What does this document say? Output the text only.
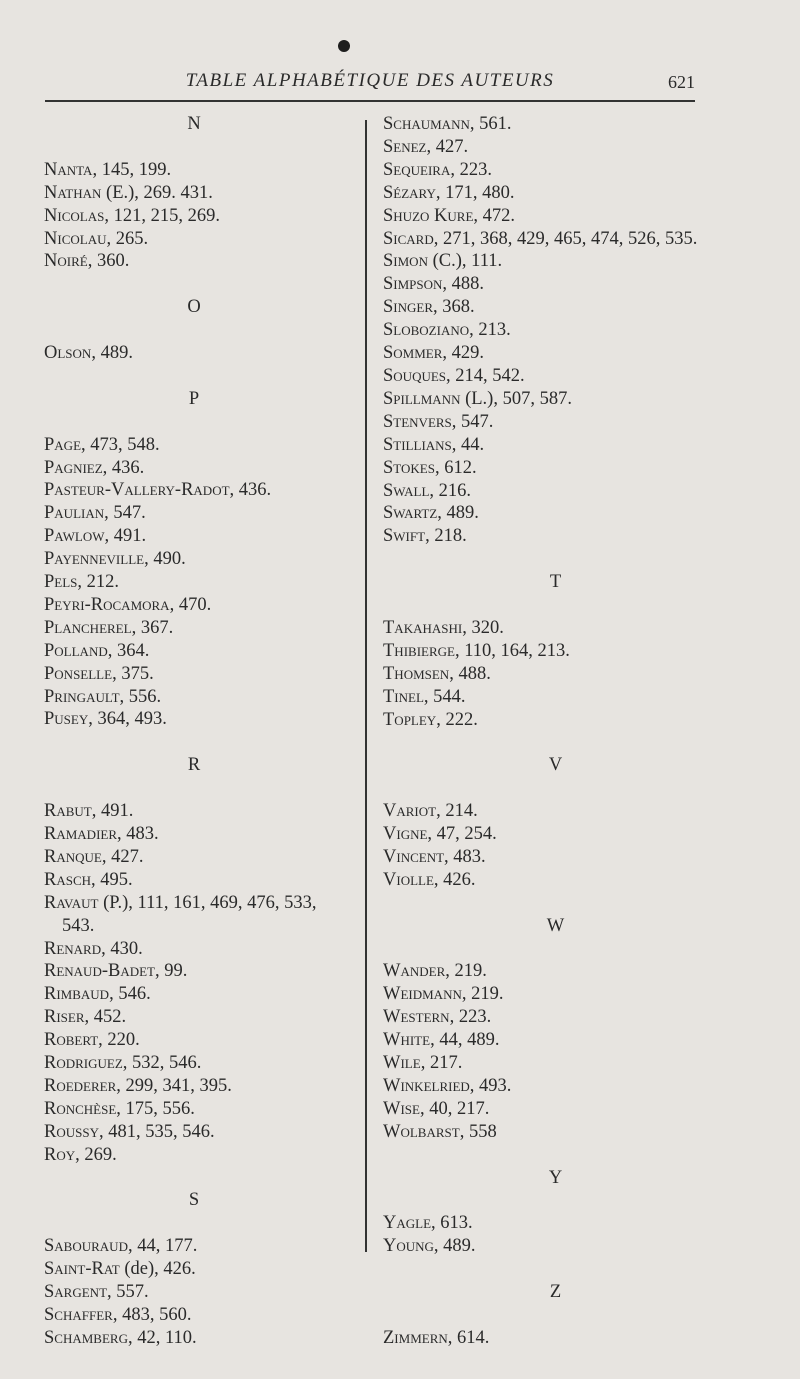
TABLE ALPHABÉTIQUE DES AUTEURS	621
N
Nanta, 145, 199.
Nathan (E.), 269. 431.
Nicolas, 121, 215, 269.
Nicolau, 265.
Noiré, 360.
O
Olson, 489.
P
Page, 473, 548.
Pagniez, 436.
Pasteur-Vallery-Radot, 436.
Paulian, 547.
Pawlow, 491.
Payenneville, 490.
Pels, 212.
Peyri-Rocamora, 470.
Plancherel, 367.
Polland, 364.
Ponselle, 375.
Pringault, 556.
Pusey, 364, 493.
R
Rabut, 491.
Ramadier, 483.
Ranque, 427.
Rasch, 495.
Ravaut (P.), 111, 161, 469, 476, 533, 543.
Renard, 430.
Renaud-Badet, 99.
Rimbaud, 546.
Riser, 452.
Robert, 220.
Rodriguez, 532, 546.
Roederer, 299, 341, 395.
Ronchèse, 175, 556.
Roussy, 481, 535, 546.
Roy, 269.
S
Sabouraud, 44, 177.
Saint-Rat (de), 426.
Sargent, 557.
Schaffer, 483, 560.
Schamberg, 42, 110.
Schaumann, 561.
Senez, 427.
Sequeira, 223.
Sézary, 171, 480.
Shuzo Kure, 472.
Sicard, 271, 368, 429, 465, 474, 526, 535.
Simon (C.), 111.
Simpson, 488.
Singer, 368.
Sloboziano, 213.
Sommer, 429.
Souques, 214, 542.
Spillmann (L.), 507, 587.
Stenvers, 547.
Stillians, 44.
Stokes, 612.
Swall, 216.
Swartz, 489.
Swift, 218.
T
Takahashi, 320.
Thibierge, 110, 164, 213.
Thomsen, 488.
Tinel, 544.
Topley, 222.
V
Variot, 214.
Vigne, 47, 254.
Vincent, 483.
Violle, 426.
W
Wander, 219.
Weidmann, 219.
Western, 223.
White, 44, 489.
Wile, 217.
Winkelried, 493.
Wise, 40, 217.
Wolbarst, 558
Y
Yagle, 613.
Young, 489.
Z
Zimmern, 614.
